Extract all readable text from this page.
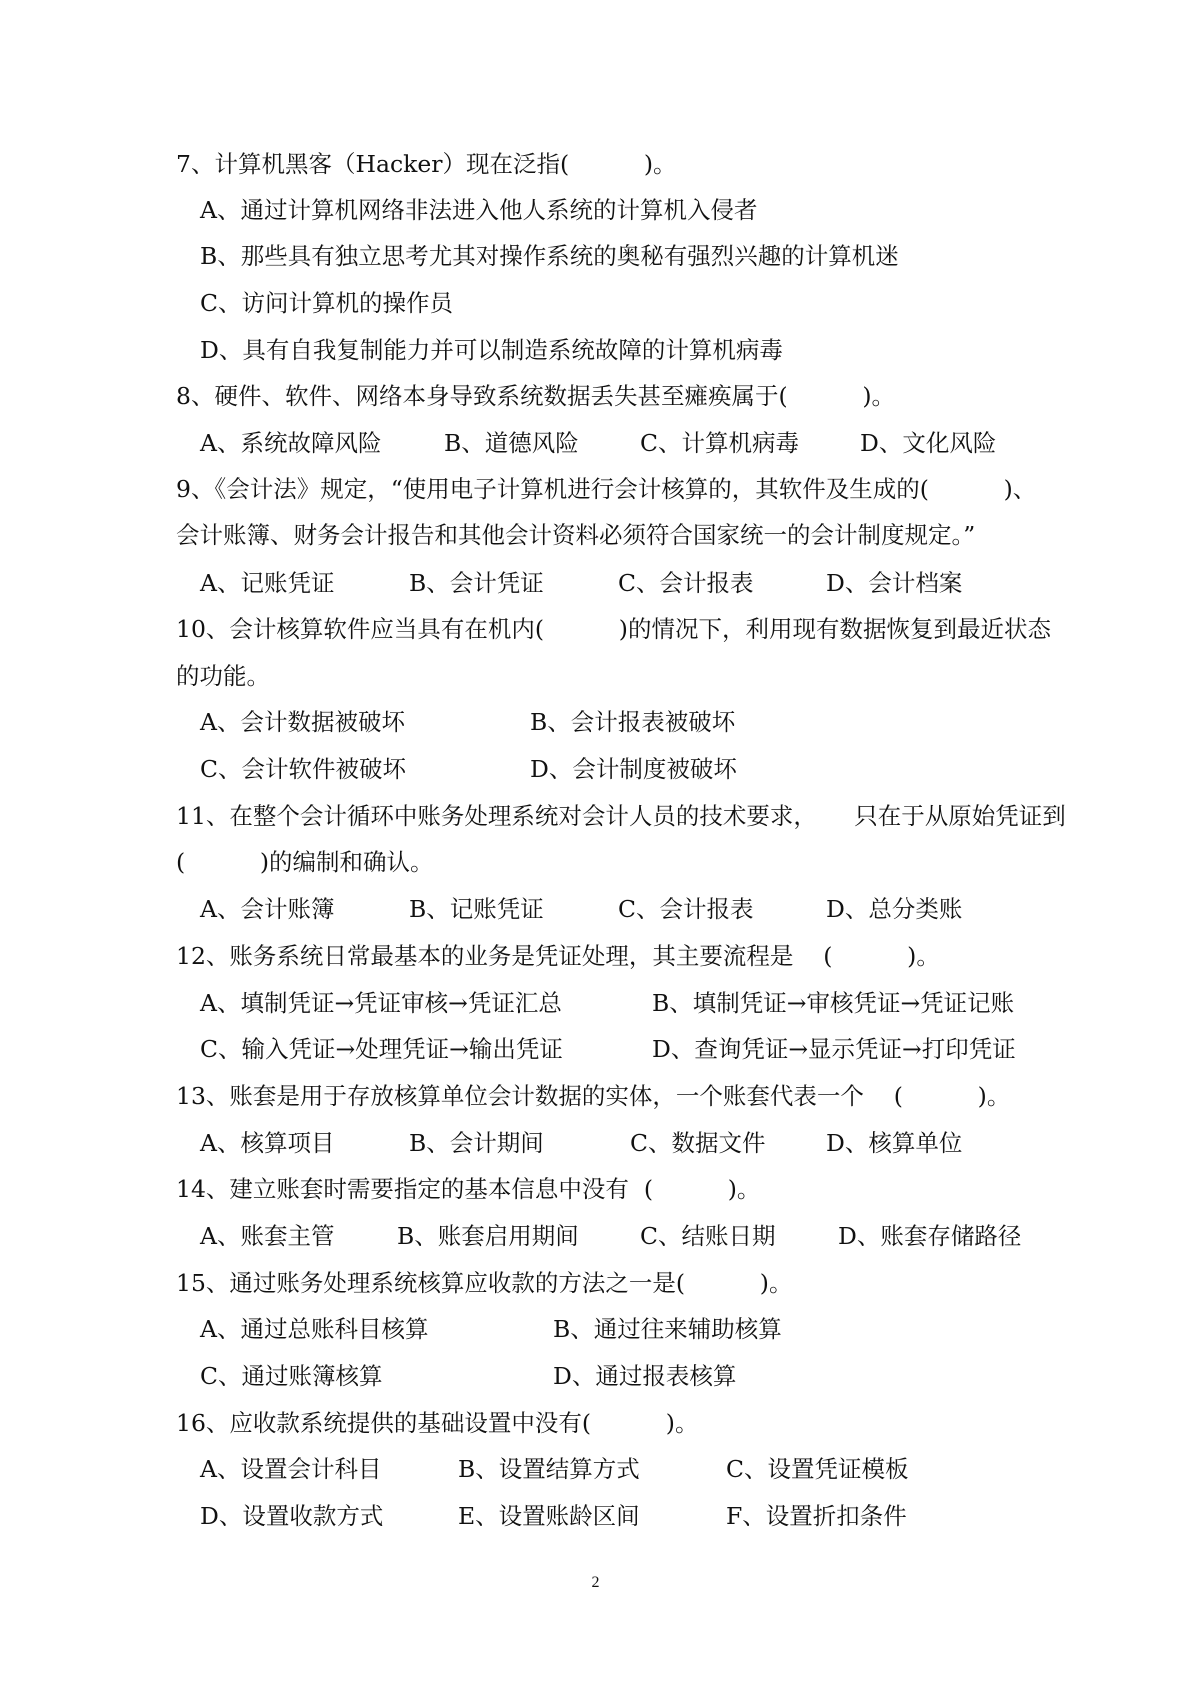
7、计算机黑客（Hacker）现在泛指(          )。
A、通过计算机网络非法进入他人系统的计算机入侵者
B、那些具有独立思考尤其对操作系统的奥秘有强烈兴趣的计算机迷
C、访问计算机的操作员
D、具有自我复制能力并可以制造系统故障的计算机病毒
8、硬件、软件、网络本身导致系统数据丢失甚至瘫痪属于(          )。
A、系统故障风险	B、道德风险	C、计算机病毒	D、文化风险
9、《会计法》规定，“使用电子计算机进行会计核算的，其软件及生成的(          )、
会计账簿、财务会计报告和其他会计资料必须符合国家统一的会计制度规定。”
A、记账凭证	B、会计凭证	C、会计报表	D、会计档案
10、会计核算软件应当具有在机内(          )的情况下，利用现有数据恢复到最近状态
的功能。
A、会计数据被破坏	B、会计报表被破坏
C、会计软件被破坏	D、会计制度被破坏
11、在整个会计循环中账务处理系统对会计人员的技术要求，     只在于从原始凭证到
(          )的编制和确认。
A、会计账簿	B、记账凭证	C、会计报表	D、总分类账
12、账务系统日常最基本的业务是凭证处理，其主要流程是    (          )。
A、填制凭证→凭证审核→凭证汇总	B、填制凭证→审核凭证→凭证记账
C、输入凭证→处理凭证→输出凭证	D、查询凭证→显示凭证→打印凭证
13、账套是用于存放核算单位会计数据的实体，一个账套代表一个    (          )。
A、核算项目	B、会计期间	C、数据文件	D、核算单位
14、建立账套时需要指定的基本信息中没有  (          )。
A、账套主管	B、账套启用期间	C、结账日期	D、账套存储路径
15、通过账务处理系统核算应收款的方法之一是(          )。
A、通过总账科目核算	B、通过往来辅助核算
C、通过账簿核算	D、通过报表核算
16、应收款系统提供的基础设置中没有(          )。
A、设置会计科目	B、设置结算方式	C、设置凭证模板
D、设置收款方式	E、设置账龄区间	F、设置折扣条件
2
